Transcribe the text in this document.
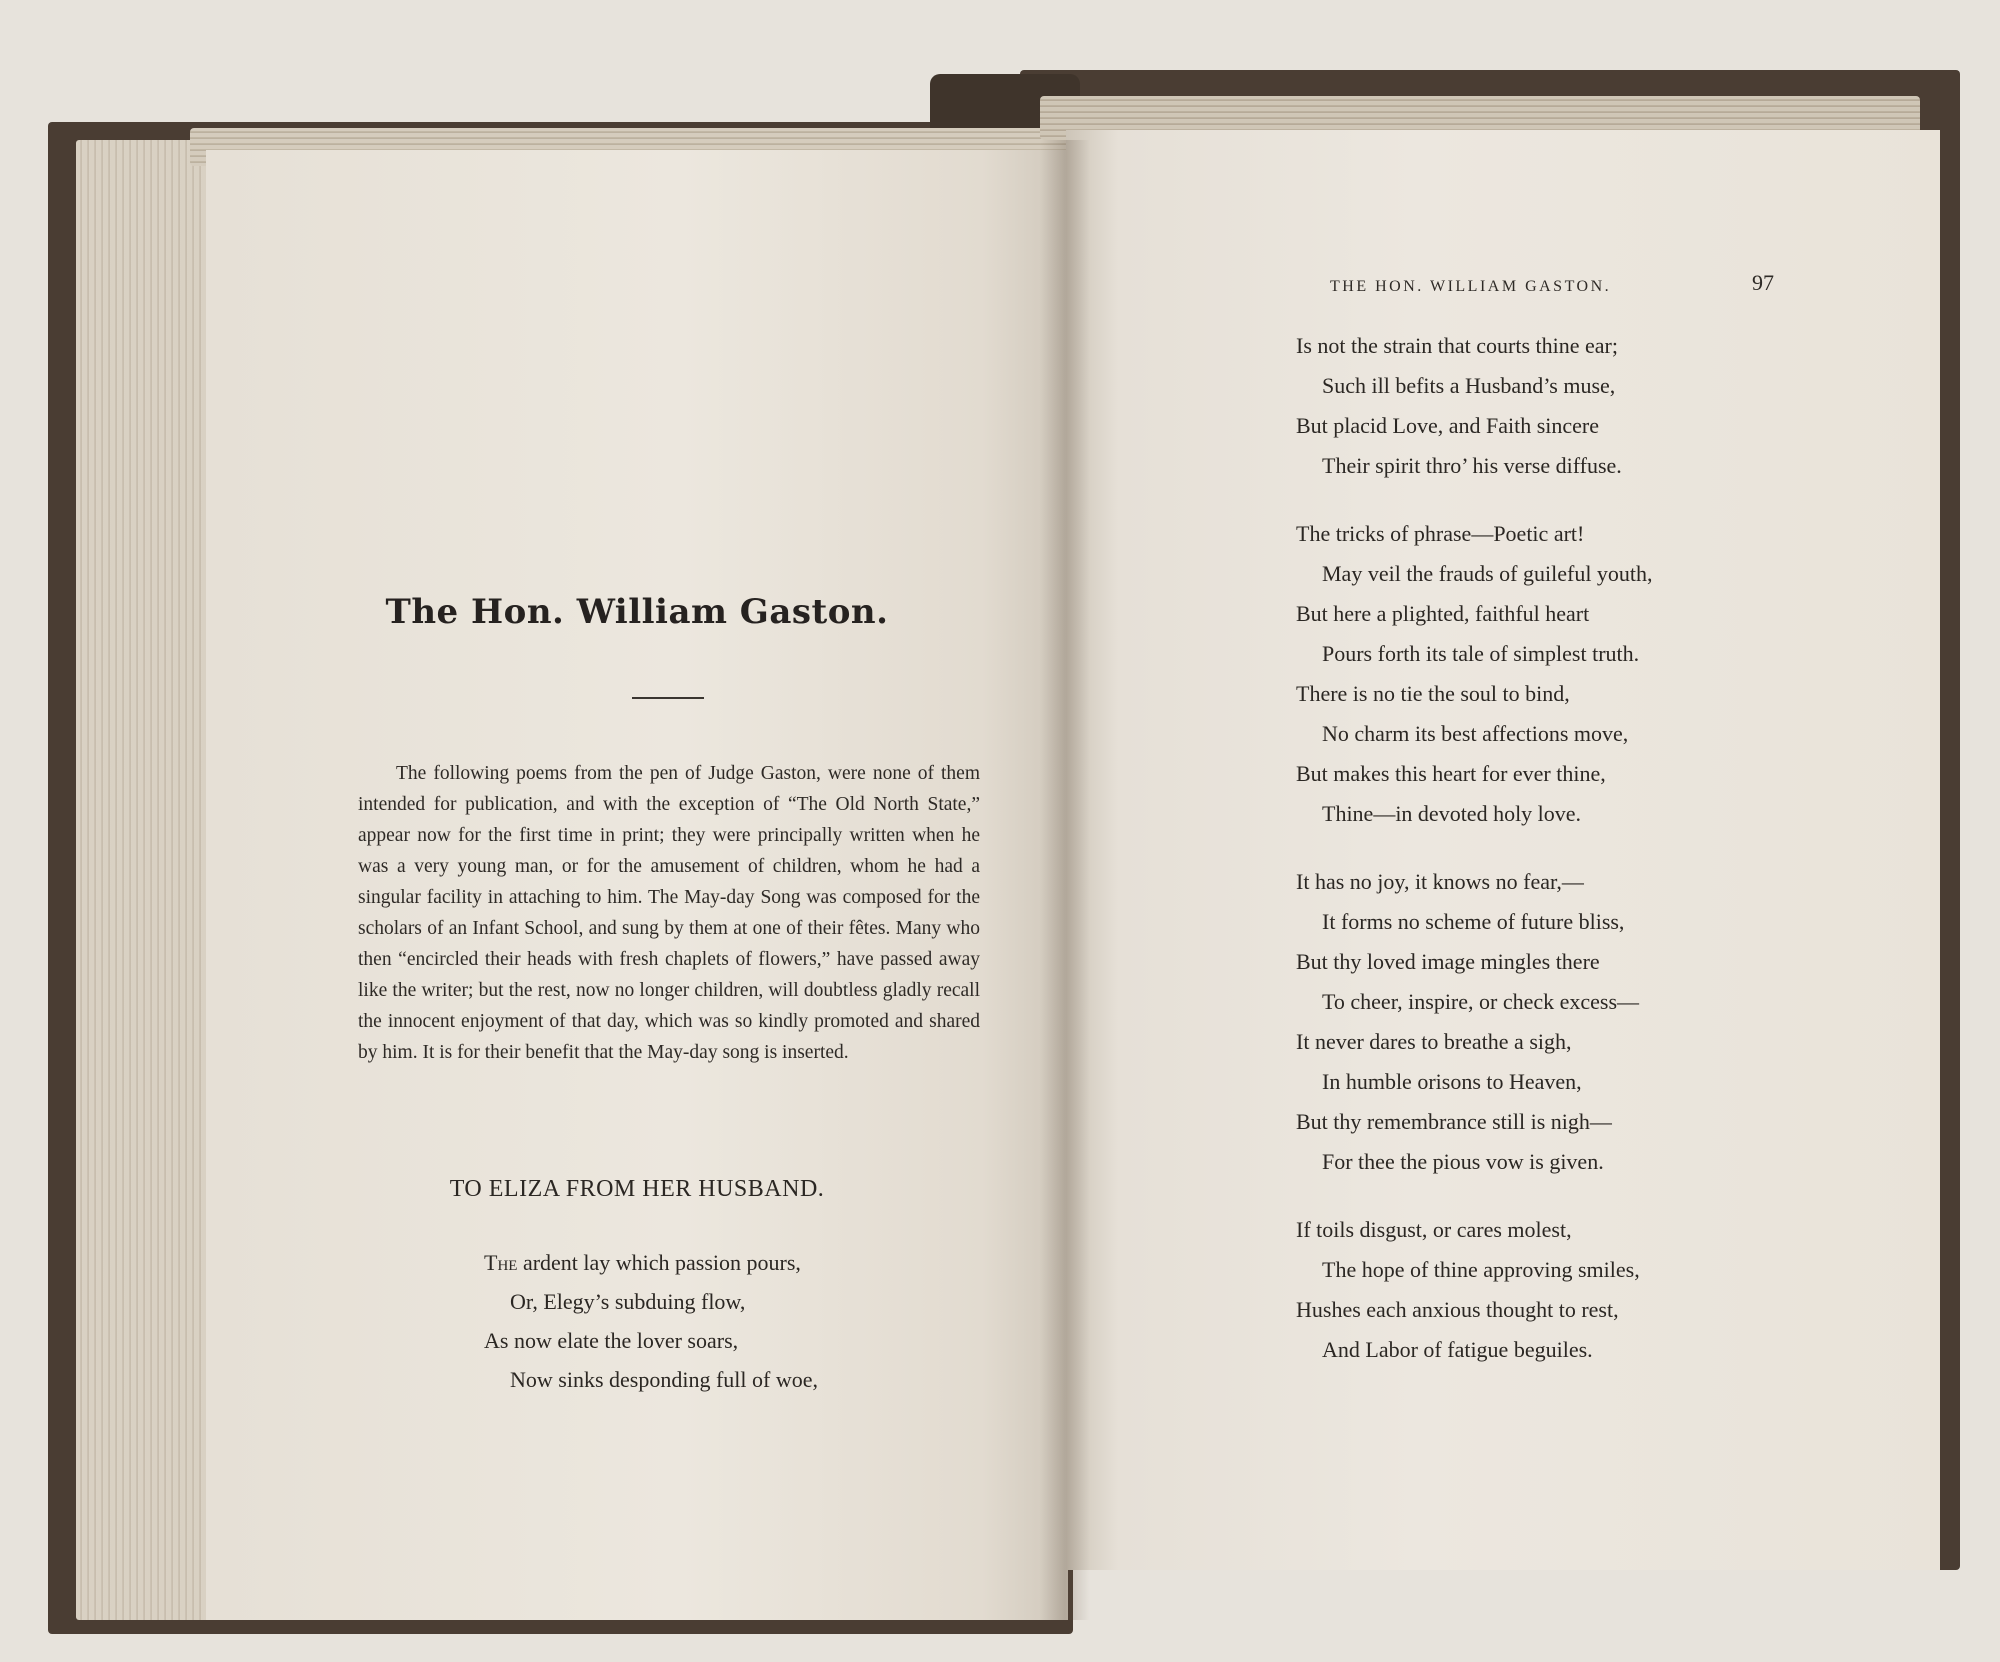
The Hon. William Gaston.

The following poems from the pen of Judge Gaston, were none of them intended for publication, and with the exception of “The Old North State,” appear now for the first time in print; they were principally written when he was a very young man, or for the amusement of children, whom he had a singular facility in attaching to him. The May-day Song was composed for the scholars of an Infant School, and sung by them at one of their fêtes. Many who then “encircled their heads with fresh chaplets of flowers,” have passed away like the writer; but the rest, now no longer children, will doubtless gladly recall the innocent enjoyment of that day, which was so kindly promoted and shared by him. It is for their benefit that the May-day song is inserted.

TO ELIZA FROM HER HUSBAND.
The ardent lay which passion pours,
Or, Elegy’s subduing flow,
As now elate the lover soars,
Now sinks desponding full of woe,
THE HON. WILLIAM GASTON.	97
Is not the strain that courts thine ear;
Such ill befits a Husband’s muse,
But placid Love, and Faith sincere
Their spirit thro’ his verse diffuse.
The tricks of phrase—Poetic art!
May veil the frauds of guileful youth,
But here a plighted, faithful heart
Pours forth its tale of simplest truth.
There is no tie the soul to bind,
No charm its best affections move,
But makes this heart for ever thine,
Thine—in devoted holy love.
It has no joy, it knows no fear,—
It forms no scheme of future bliss,
But thy loved image mingles there
To cheer, inspire, or check excess—
It never dares to breathe a sigh,
In humble orisons to Heaven,
But thy remembrance still is nigh—
For thee the pious vow is given.
If toils disgust, or cares molest,
The hope of thine approving smiles,
Hushes each anxious thought to rest,
And Labor of fatigue beguiles.
